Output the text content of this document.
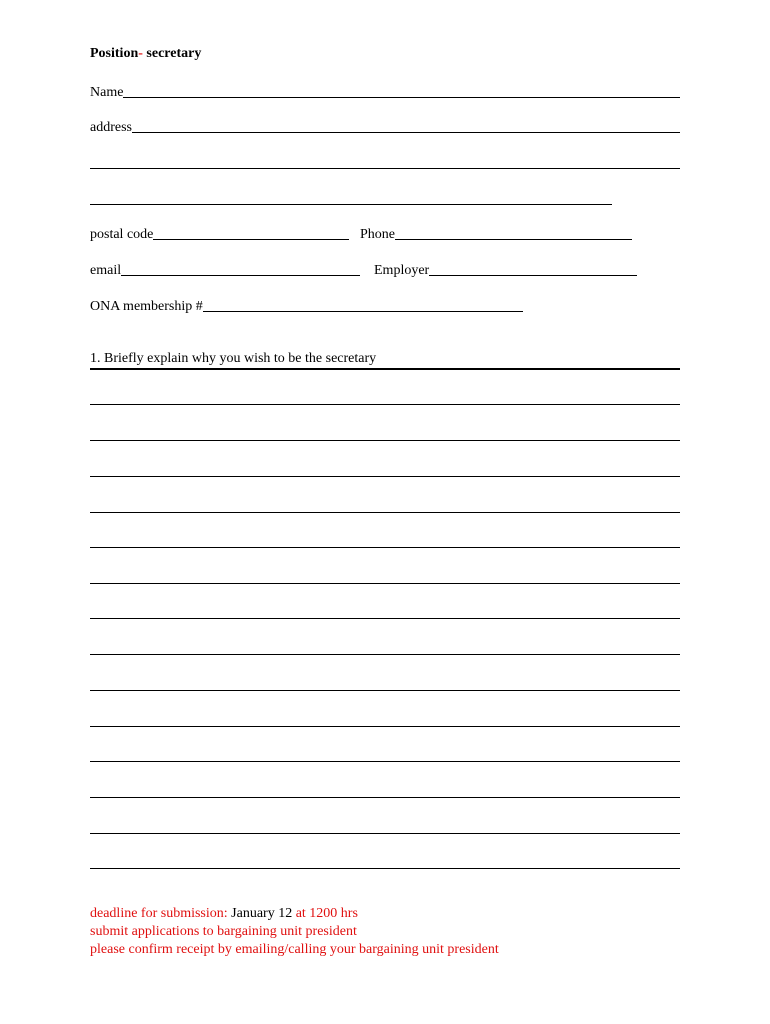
Position- secretary
Name
address
postal code	Phone
email	Employer
ONA membership #
1. Briefly explain why you wish to be the secretary
deadline for submission: January 12 at 1200 hrs
submit applications to bargaining unit president
please confirm receipt by emailing/calling your bargaining unit president
